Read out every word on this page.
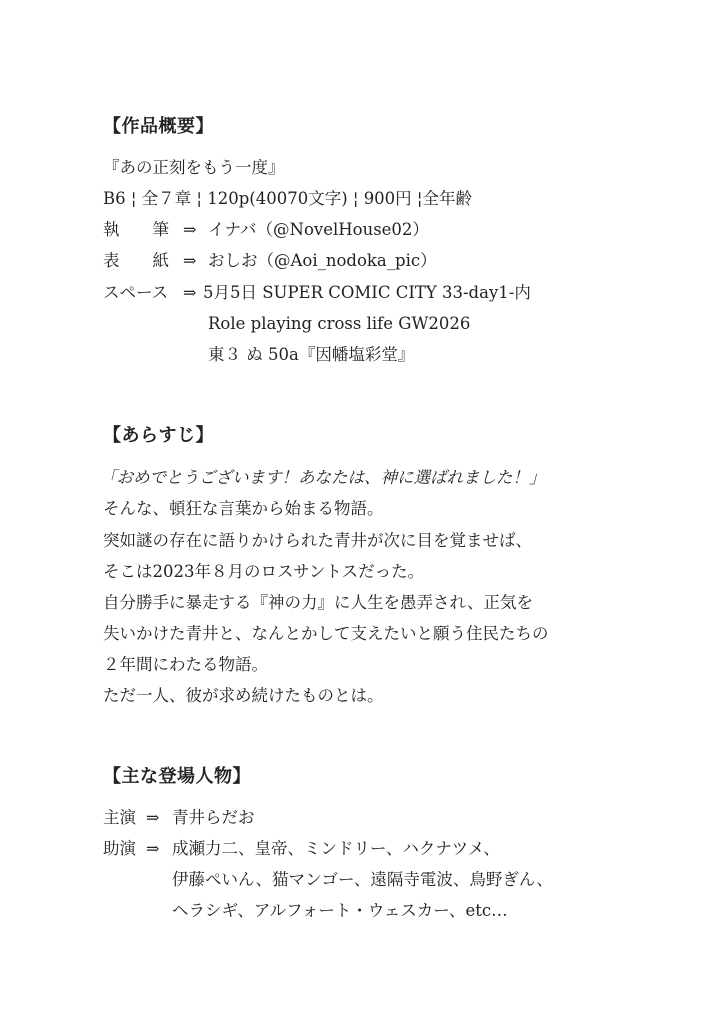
【作品概要】
『あの正刻をもう一度』
B6 ¦ 全７章 ¦ 120p(40070文字) ¦ 900円 ¦全年齢
執　　筆 ⇒ イナバ（@NovelHouse02）
表　　紙 ⇒ おしお（@Aoi_nodoka_pic）
スペース ⇒ 5月5日 SUPER COMIC CITY 33-day1-内
Role playing cross life GW2026
東３ ぬ 50a『因幡塩彩堂』
【あらすじ】
「おめでとうございます！あなたは、神に選ばれました！」
そんな、頓狂な言葉から始まる物語。
突如謎の存在に語りかけられた青井が次に目を覚ませば、
そこは2023年８月のロスサントスだった。
自分勝手に暴走する『神の力』に人生を愚弄され、正気を
失いかけた青井と、なんとかして支えたいと願う住民たちの
２年間にわたる物語。
ただ一人、彼が求め続けたものとは。
【主な登場人物】
主演 ⇒ 青井らだお
助演 ⇒ 成瀬力二、皇帝、ミンドリー、ハクナツメ、
伊藤ぺいん、猫マンゴー、遠隔寺電波、鳥野ぎん、
ヘラシギ、アルフォート・ウェスカー、etc…
